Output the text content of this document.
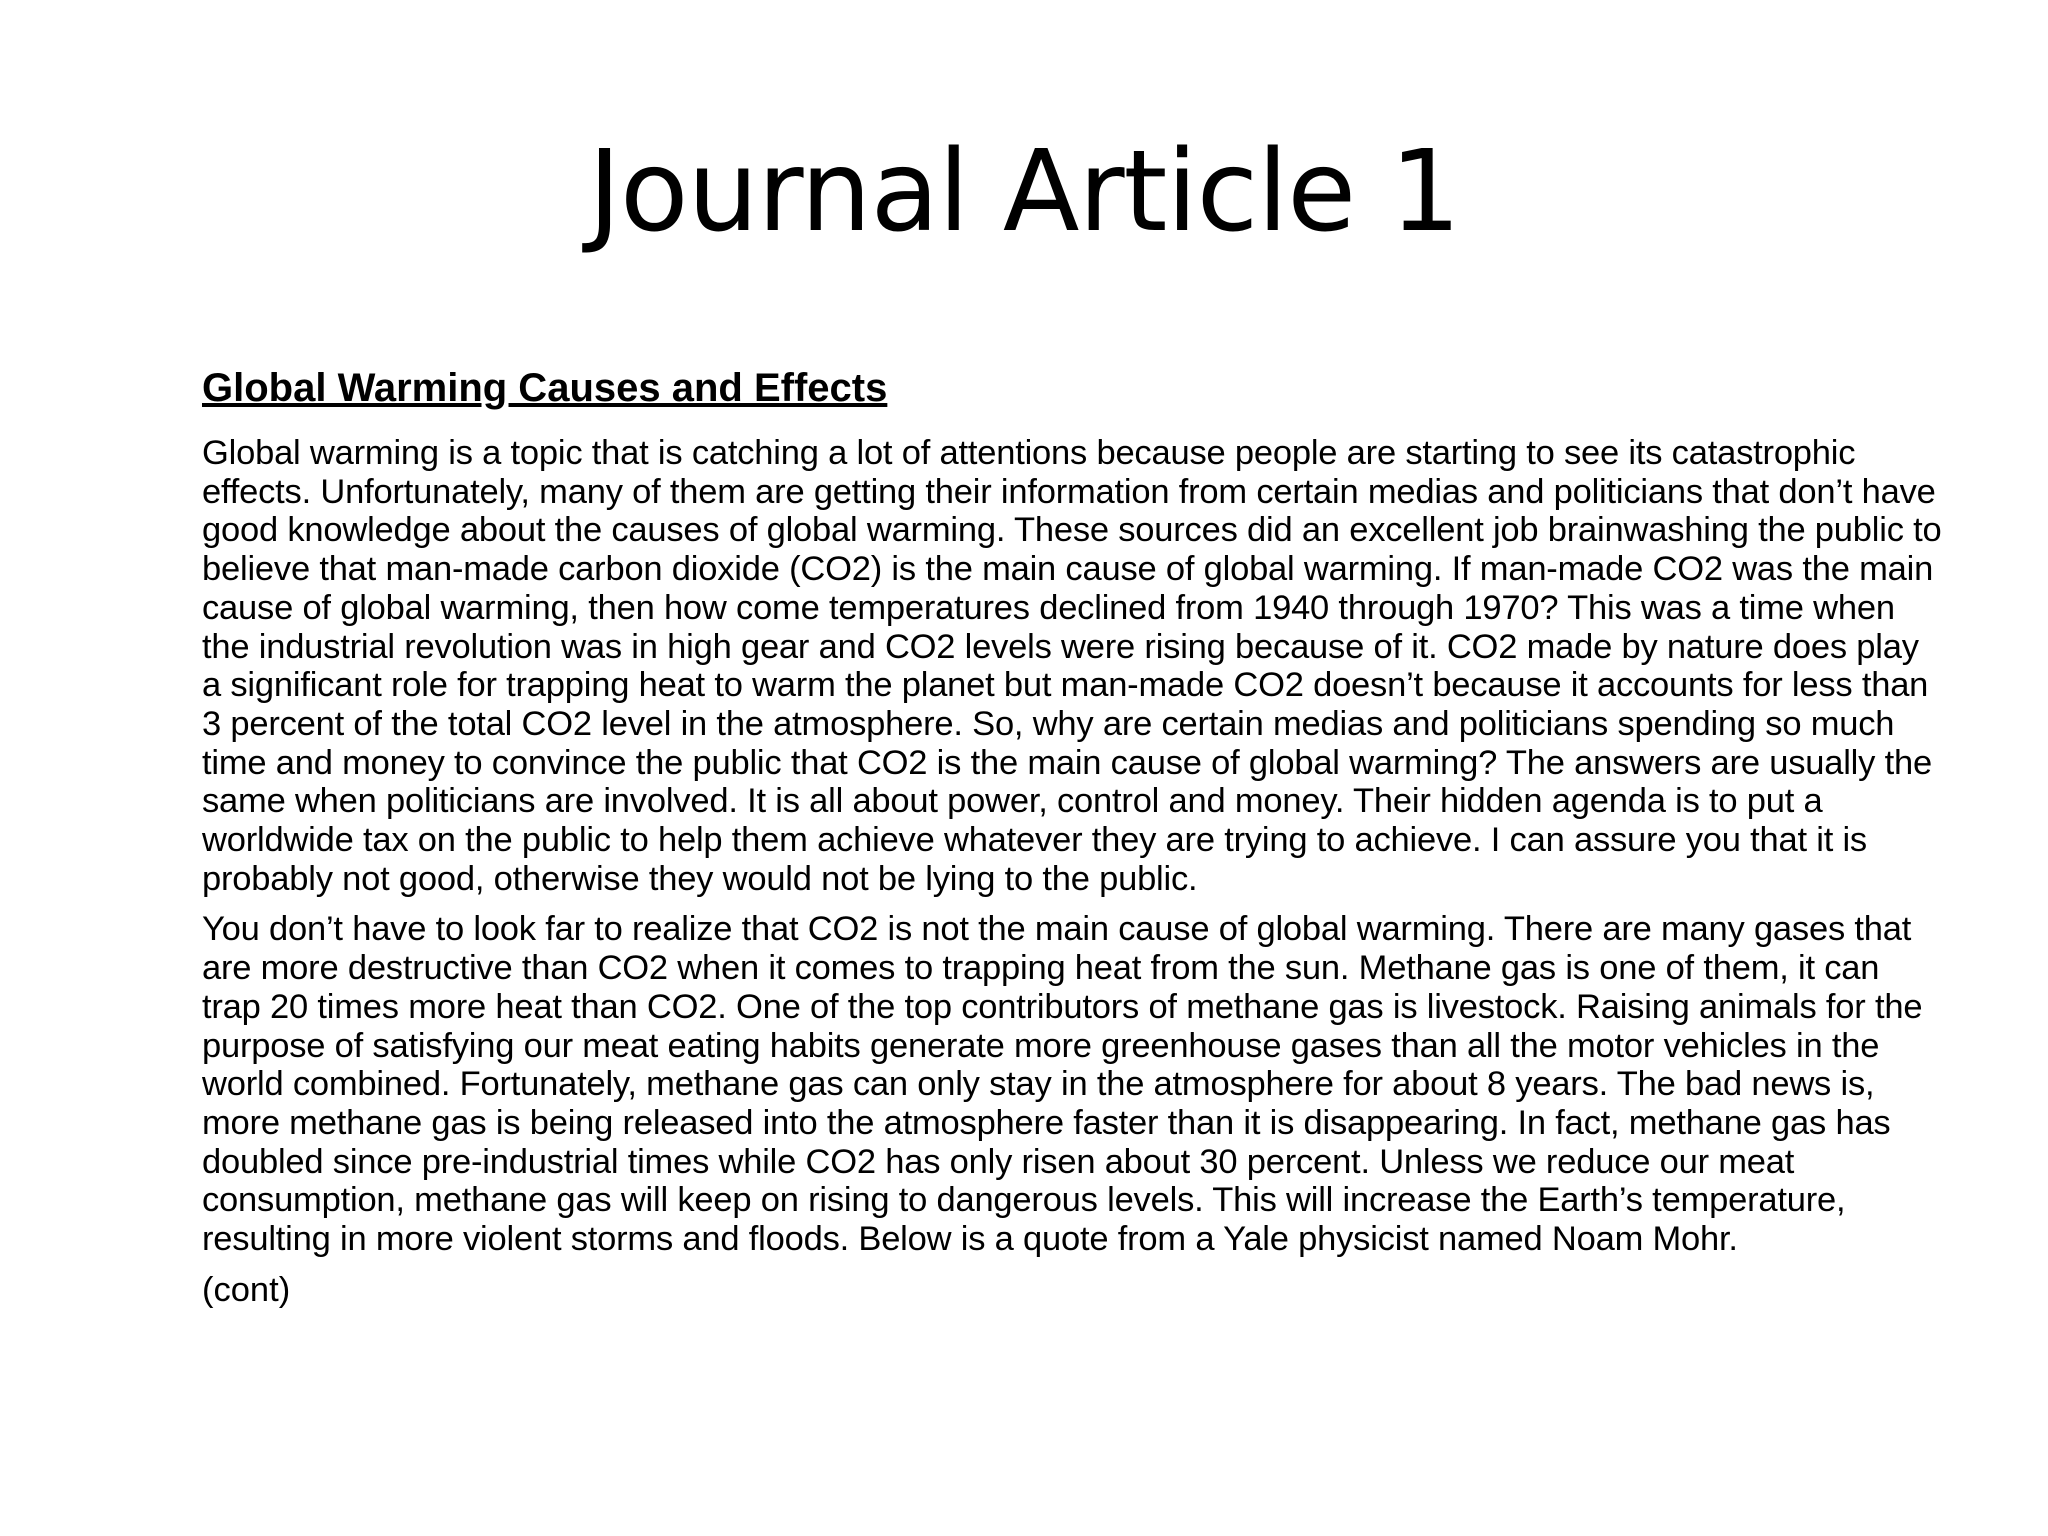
Journal Article 1
Global Warming Causes and Effects

Global warming is a topic that is catching a lot of attentions because people are starting to see its catastrophic effects. Unfortunately, many of them are getting their information from certain medias and politicians that don’t have good knowledge about the causes of global warming. These sources did an excellent job brainwashing the public to believe that man-made carbon dioxide (CO2) is the main cause of global warming. If man-made CO2 was the main cause of global warming, then how come temperatures declined from 1940 through 1970? This was a time when the industrial revolution was in high gear and CO2 levels were rising because of it. CO2 made by nature does play a significant role for trapping heat to warm the planet but man-made CO2 doesn’t because it accounts for less than 3 percent of the total CO2 level in the atmosphere. So, why are certain medias and politicians spending so much time and money to convince the public that CO2 is the main cause of global warming? The answers are usually the same when politicians are involved. It is all about power, control and money. Their hidden agenda is to put a worldwide tax on the public to help them achieve whatever they are trying to achieve. I can assure you that it is probably not good, otherwise they would not be lying to the public.

You don’t have to look far to realize that CO2 is not the main cause of global warming. There are many gases that are more destructive than CO2 when it comes to trapping heat from the sun. Methane gas is one of them, it can trap 20 times more heat than CO2. One of the top contributors of methane gas is livestock. Raising animals for the purpose of satisfying our meat eating habits generate more greenhouse gases than all the motor vehicles in the world combined. Fortunately, methane gas can only stay in the atmosphere for about 8 years. The bad news is, more methane gas is being released into the atmosphere faster than it is disappearing. In fact, methane gas has doubled since pre-industrial times while CO2 has only risen about 30 percent. Unless we reduce our meat consumption, methane gas will keep on rising to dangerous levels. This will increase the Earth’s temperature, resulting in more violent storms and floods. Below is a quote from a Yale physicist named Noam Mohr.

(cont)
